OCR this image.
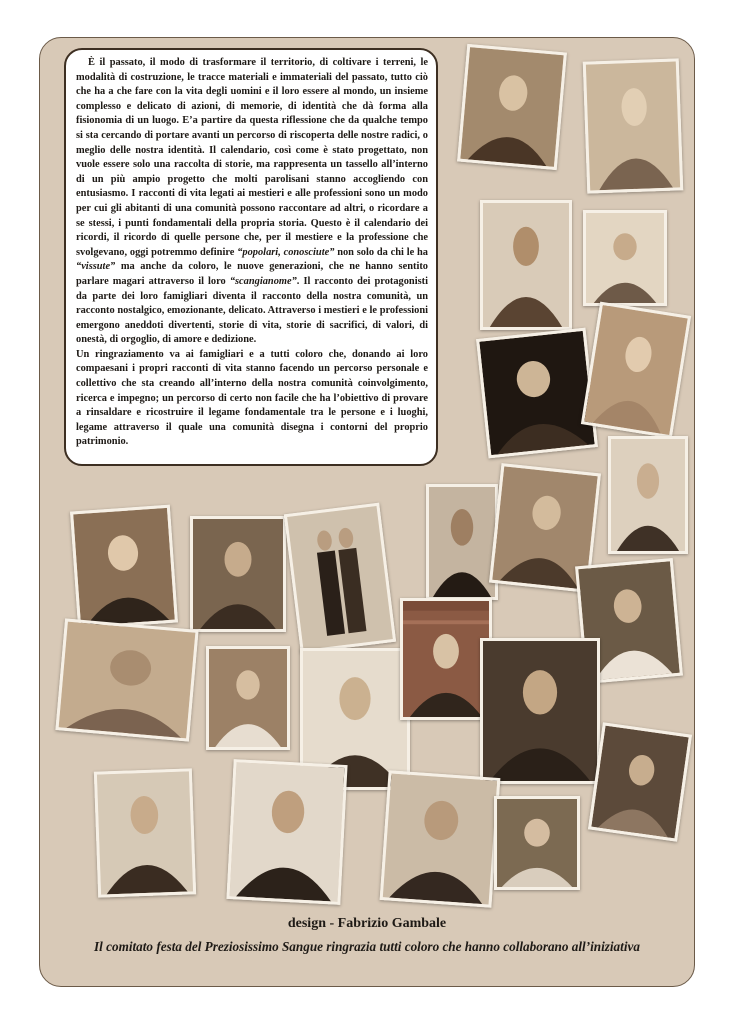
È il passato, il modo di trasformare il territorio, di coltivare i terreni, le modalità di costruzione, le tracce materiali e immateriali del passato, tutto ciò che ha a che fare con la vita degli uomini e il loro essere al mondo, un insieme complesso e delicato di azioni, di memorie, di identità che dà forma alla fisionomia di un luogo. E’a partire da questa riflessione che da qualche tempo si sta cercando di portare avanti un percorso di riscoperta delle nostre radici, o meglio delle nostra identità. Il calendario, così come è stato progettato, non vuole essere solo una raccolta di storie, ma rappresenta un tassello all’interno di un più ampio progetto che molti parolisani stanno accogliendo con entusiasmo. I racconti di vita legati ai mestieri e alle professioni sono un modo per cui gli abitanti di una comunità possono raccontare ad altri, o ricordare a se stessi, i punti fondamentali della propria storia. Questo è il calendario dei ricordi, il ricordo di quelle persone che, per il mestiere e la professione che svolgevano, oggi potremmo definire “popolari, conosciute” non solo da chi le ha “vissute” ma anche da coloro, le nuove generazioni, che ne hanno sentito parlare magari attraverso il loro “scangianome”. Il racconto dei protagonisti da parte dei loro famigliari diventa il racconto della nostra comunità, un racconto nostalgico, emozionante, delicato. Attraverso i mestieri e le professioni emergono aneddoti divertenti, storie di vita, storie di sacrifici, di valori, di onestà, di orgoglio, di amore e dedizione.

Un ringraziamento va ai famigliari e a tutti coloro che, donando ai loro compaesani i propri racconti di vita stanno facendo un percorso personale e collettivo che sta creando all’interno della nostra comunità coinvolgimento, ricerca e impegno; un percorso di certo non facile che ha l’obiettivo di provare a rinsaldare e ricostruire il legame fondamentale tra le persone e i luoghi, legame attraverso il quale una comunità disegna i contorni del proprio patrimonio.

design - Fabrizio Gambale
Il comitato festa del Preziosissimo Sangue ringrazia tutti coloro che hanno collaborano all’iniziativa
